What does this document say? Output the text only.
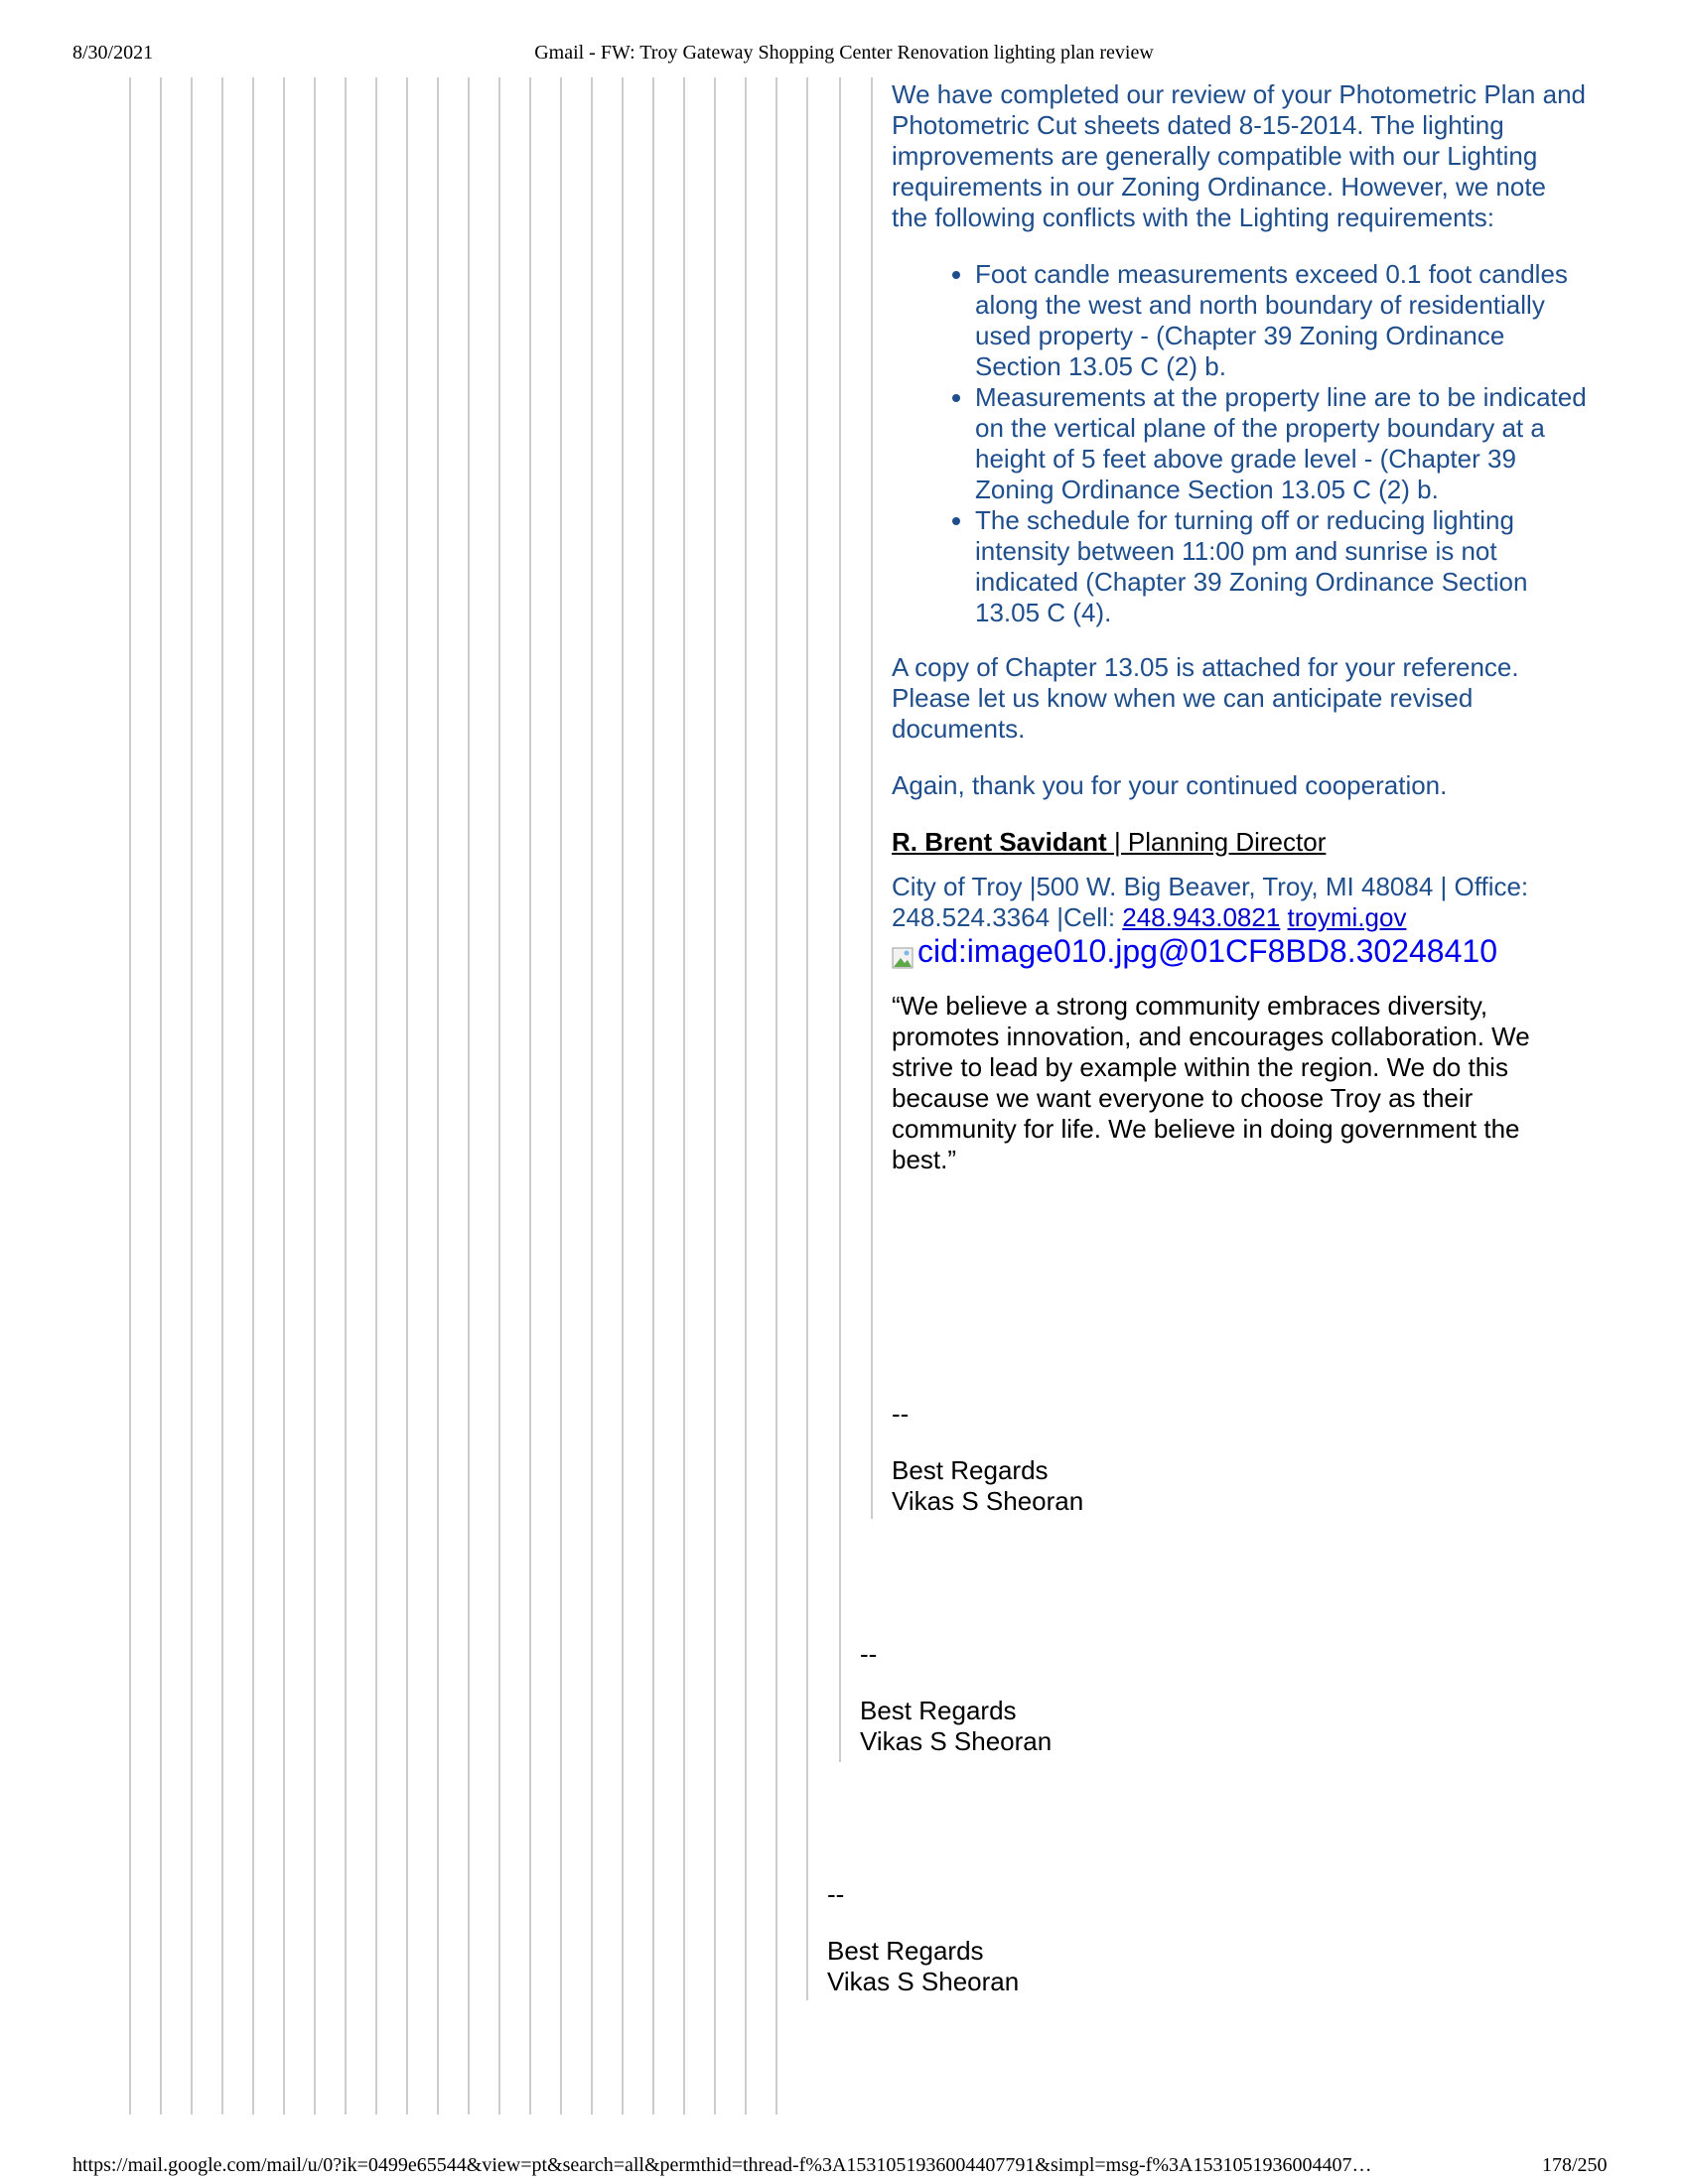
8/30/2021	Gmail - FW: Troy Gateway Shopping Center Renovation lighting plan review
https://mail.google.com/mail/u/0?ik=0499e65544&view=pt&search=all&permthid=thread-f%3A1531051936004407791&simpl=msg-f%3A1531051936004407…	178/250

We have completed our review of your Photometric Plan and Photometric Cut sheets dated 8-15-2014. The lighting improvements are generally compatible with our Lighting requirements in our Zoning Ordinance. However, we note the following conflicts with the Lighting requirements:

• Foot candle measurements exceed 0.1 foot candles along the west and north boundary of residentially used property - (Chapter 39 Zoning Ordinance Section 13.05 C (2) b.
• Measurements at the property line are to be indicated on the vertical plane of the property boundary at a height of 5 feet above grade level - (Chapter 39 Zoning Ordinance Section 13.05 C (2) b.
• The schedule for turning off or reducing lighting intensity between 11:00 pm and sunrise is not indicated (Chapter 39 Zoning Ordinance Section 13.05 C (4).

A copy of Chapter 13.05 is attached for your reference. Please let us know when we can anticipate revised documents.

Again, thank you for your continued cooperation.

R. Brent Savidant | Planning Director
City of Troy |500 W. Big Beaver, Troy, MI 48084 | Office: 248.524.3364 |Cell: 248.943.0821 troymi.gov
cid:image010.jpg@01CF8BD8.30248410

“We believe a strong community embraces diversity, promotes innovation, and encourages collaboration. We strive to lead by example within the region. We do this because we want everyone to choose Troy as their community for life. We believe in doing government the best.”

--
Best Regards
Vikas S Sheoran
--
Best Regards
Vikas S Sheoran
--
Best Regards
Vikas S Sheoran
